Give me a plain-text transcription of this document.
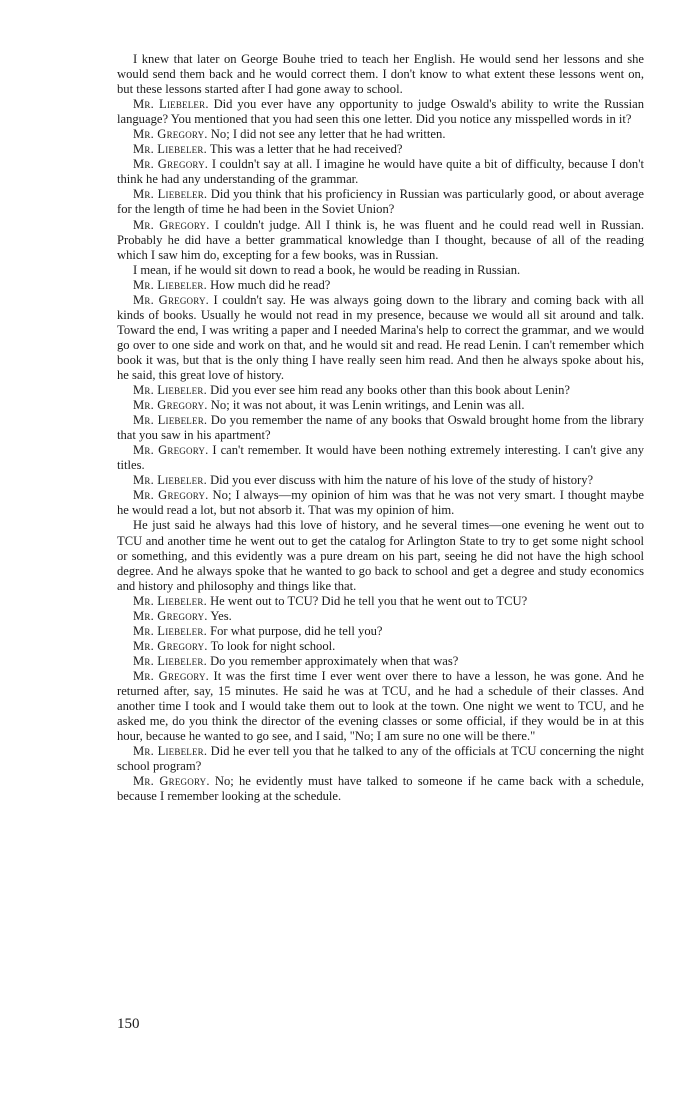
I knew that later on George Bouhe tried to teach her English. He would send her lessons and she would send them back and he would correct them. I don't know to what extent these lessons went on, but these lessons started after I had gone away to school.

Mr. Liebeler. Did you ever have any opportunity to judge Oswald's ability to write the Russian language? You mentioned that you had seen this one letter. Did you notice any misspelled words in it?

Mr. Gregory. No; I did not see any letter that he had written.

Mr. Liebeler. This was a letter that he had received?

Mr. Gregory. I couldn't say at all. I imagine he would have quite a bit of difficulty, because I don't think he had any understanding of the grammar.

Mr. Liebeler. Did you think that his proficiency in Russian was particularly good, or about average for the length of time he had been in the Soviet Union?

Mr. Gregory. I couldn't judge. All I think is, he was fluent and he could read well in Russian. Probably he did have a better grammatical knowledge than I thought, because of all of the reading which I saw him do, excepting for a few books, was in Russian.

I mean, if he would sit down to read a book, he would be reading in Russian.

Mr. Liebeler. How much did he read?

Mr. Gregory. I couldn't say. He was always going down to the library and coming back with all kinds of books. Usually he would not read in my presence, because we would all sit around and talk. Toward the end, I was writing a paper and I needed Marina's help to correct the grammar, and we would go over to one side and work on that, and he would sit and read. He read Lenin. I can't remember which book it was, but that is the only thing I have really seen him read. And then he always spoke about his, he said, this great love of history.

Mr. Liebeler. Did you ever see him read any books other than this book about Lenin?

Mr. Gregory. No; it was not about, it was Lenin writings, and Lenin was all.

Mr. Liebeler. Do you remember the name of any books that Oswald brought home from the library that you saw in his apartment?

Mr. Gregory. I can't remember. It would have been nothing extremely interesting. I can't give any titles.

Mr. Liebeler. Did you ever discuss with him the nature of his love of the study of history?

Mr. Gregory. No; I always—my opinion of him was that he was not very smart. I thought maybe he would read a lot, but not absorb it. That was my opinion of him.

He just said he always had this love of history, and he several times—one evening he went out to TCU and another time he went out to get the catalog for Arlington State to try to get some night school or something, and this evidently was a pure dream on his part, seeing he did not have the high school degree. And he always spoke that he wanted to go back to school and get a degree and study economics and history and philosophy and things like that.

Mr. Liebeler. He went out to TCU? Did he tell you that he went out to TCU?

Mr. Gregory. Yes.

Mr. Liebeler. For what purpose, did he tell you?

Mr. Gregory. To look for night school.

Mr. Liebeler. Do you remember approximately when that was?

Mr. Gregory. It was the first time I ever went over there to have a lesson, he was gone. And he returned after, say, 15 minutes. He said he was at TCU, and he had a schedule of their classes. And another time I took and I would take them out to look at the town. One night we went to TCU, and he asked me, do you think the director of the evening classes or some official, if they would be in at this hour, because he wanted to go see, and I said, "No; I am sure no one will be there."

Mr. Liebeler. Did he ever tell you that he talked to any of the officials at TCU concerning the night school program?

Mr. Gregory. No; he evidently must have talked to someone if he came back with a schedule, because I remember looking at the schedule.

150
